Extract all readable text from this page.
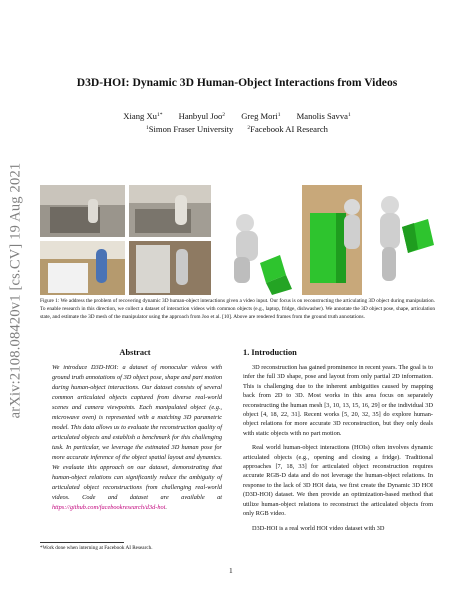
arXiv:2108.08420v1 [cs.CV] 19 Aug 2021
D3D-HOI: Dynamic 3D Human-Object Interactions from Videos
Xiang $Xu^{1*}$ Hanbyul Joo$^2$ Greg Mori$^1$ Manolis Savva$^1$
$^1$Simon Fraser University	$^2$Facebook AI Research
Figure 1: We address the problem of recovering dynamic 3D human-object interactions given a video input. Our focus is on reconstructing the articulating 3D object during manipulation. To enable research in this direction, we collect a dataset of interaction videos with common objects (e.g., laptop, fridge, dishwasher). We annotate the 3D object pose, shape, articulation state, and estimate the 3D mesh of the manipulator using the approach from Joo et al. [10]. Above are rendered frames from the ground truth annotations.
Abstract
We introduce D3D-HOI: a dataset of monocular videos with ground truth annotations of 3D object pose, shape and part motion during human-object interactions. Our dataset consists of several common articulated objects captured from diverse real-world scenes and camera viewpoints. Each manipulated object (e.g., microwave oven) is represented with a matching 3D parametric model. This data allows us to evaluate the reconstruction quality of articulated objects and establish a benchmark for this challenging task. In particular, we leverage the estimated 3D human pose for more accurate inference of the object spatial layout and dynamics. We evaluate this approach on our dataset, demonstrating that human-object relations can significantly reduce the ambiguity of articulated object reconstructions from challenging real-world videos. Code and dataset are available at https://github.com/facebookresearch/d3d-hoi.
1. Introduction

3D reconstruction has gained prominence in recent years. The goal is to infer the full 3D shape, pose and layout from only partial 2D information. This is challenging due to the inherent ambiguities caused by mapping back from 2D to 3D. Most works in this area focus on separately reconstructing the human mesh [3, 10, 13, 15, 16, 29] or the individual 3D object [4, 18, 22, 31]. Recent works [5, 20, 32, 35] do explore human-object relations for more accurate 3D reconstruction, but they only deals with static objects with no part motion.

Real world human-object interactions (HOIs) often involves dynamic articulated objects (e.g., opening and closing a fridge). Traditional approaches [7, 18, 33] for articulated object reconstruction requires accurate RGB-D data and do not leverage the human-object relations. In response to the lack of 3D HOI data, we first create the Dynamic 3D HOI (D3D-HOI) dataset. We then provide an optimization-based method that utilize human-object relations to reconstruct the articulated objects from only RGB video.

D3D-HOI is a real world HOI video dataset with 3D

*Work done when interning at Facebook AI Research.
1
